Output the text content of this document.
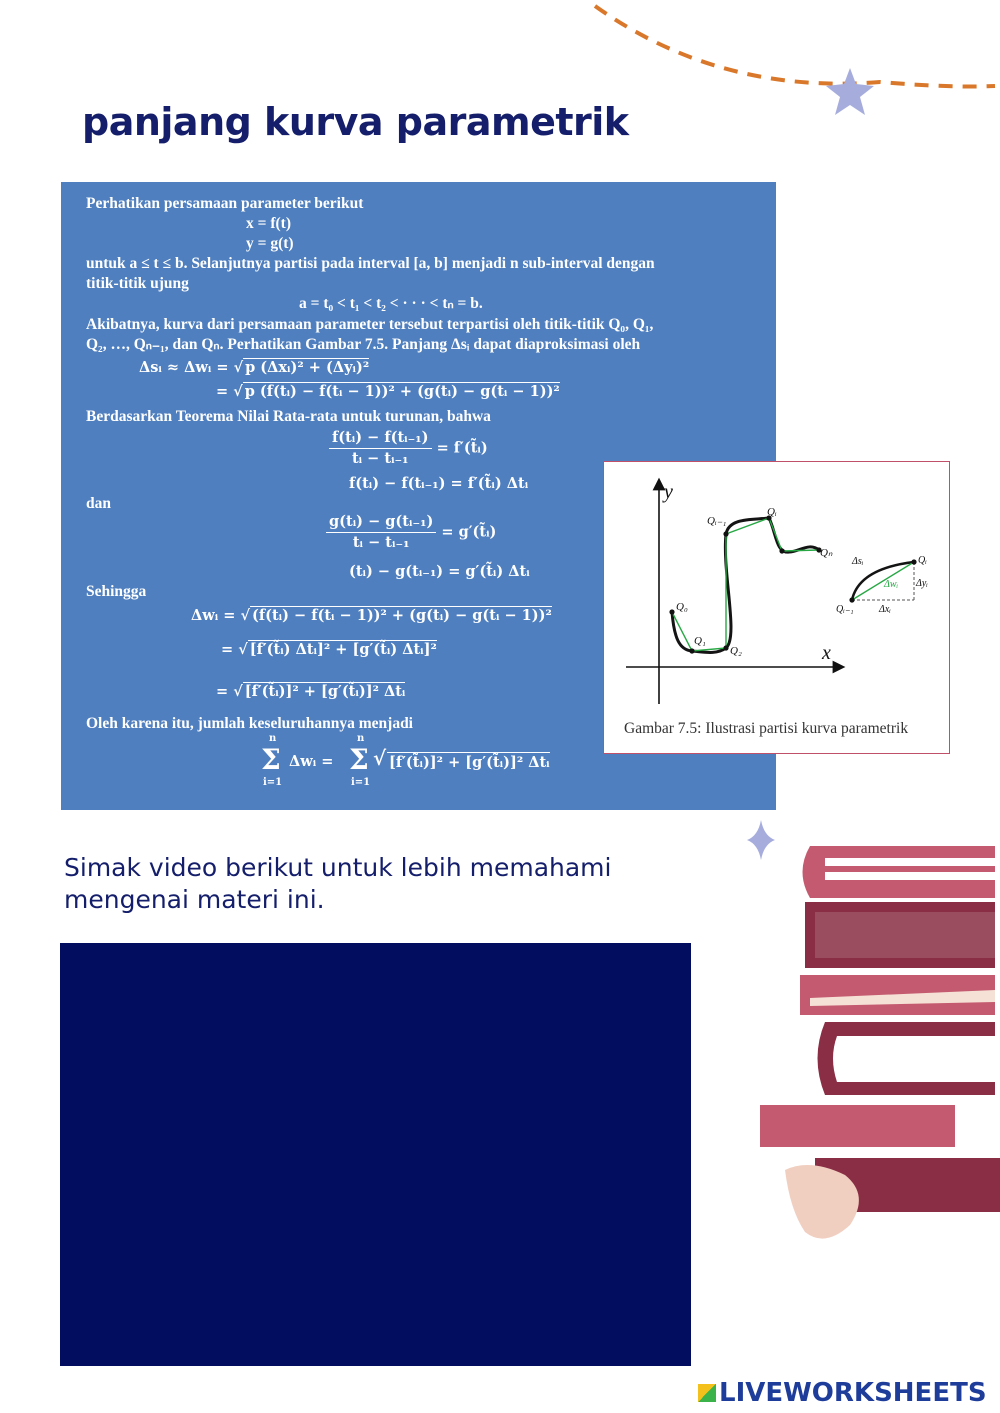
panjang kurva parametrik
Perhatikan persamaan parameter berikut
x = f(t)
y = g(t)
untuk a ≤ t ≤ b. Selanjutnya partisi pada interval [a, b] menjadi n sub-interval dengan
titik-titik ujung
a = t₀ < t₁ < t₂ < · · · < tₙ = b.
Akibatnya, kurva dari persamaan parameter tersebut terpartisi oleh titik-titik Q₀, Q₁,
Q₂, …, Qₙ₋₁, dan Qₙ. Perhatikan Gambar 7.5. Panjang Δsᵢ dapat diaproksimasi oleh
Δsᵢ ≈ Δwᵢ = √ p (Δxᵢ)² + (Δyᵢ)²
= √ p (f(tᵢ) − f(tᵢ − 1))² + (g(tᵢ) − g(tᵢ − 1))²
Berdasarkan Teorema Nilai Rata-rata untuk turunan, bahwa
$\frac{\text{f(tᵢ) − f(tᵢ₋₁)}}{\text{tᵢ − tᵢ₋₁}}$ = f′(t̃ᵢ)
f(tᵢ) − f(tᵢ₋₁) = f′(t̃ᵢ) Δtᵢ
dan
$\frac{\text{g(tᵢ) − g(tᵢ₋₁)}}{\text{tᵢ − tᵢ₋₁}}$ = g′(t̃ᵢ)
(tᵢ) − g(tᵢ₋₁) = g′(t̃ᵢ) Δtᵢ
Sehingga
Δwᵢ = √ (f(tᵢ) − f(tᵢ − 1))² + (g(tᵢ) − g(tᵢ − 1))²
= √ [f′(t̃ᵢ) Δtᵢ]² + [g′(t̃ᵢ) Δtᵢ]²
= √ [f′(t̃ᵢ)]² + [g′(t̃ᵢ)]² Δtᵢ
Oleh karena itu, jumlah keseluruhannya menjadi
n
Σ
i=1
Δwᵢ =
n
Σ
i=1
√ [f′(t̃ᵢ)]² + [g′(t̃ᵢ)]² Δtᵢ
y
x
Q₀
Q₁
Q₂
Qᵢ₋₁
Qᵢ
Qₙ
Δsᵢ
Δwᵢ Δyᵢ
Δxᵢ
Qᵢ
Qᵢ₋₁
Gambar 7.5: Ilustrasi partisi kurva parametrik

Simak video berikut untuk lebih memahami
mengenai materi ini.

LIVEWORKSHEETS
